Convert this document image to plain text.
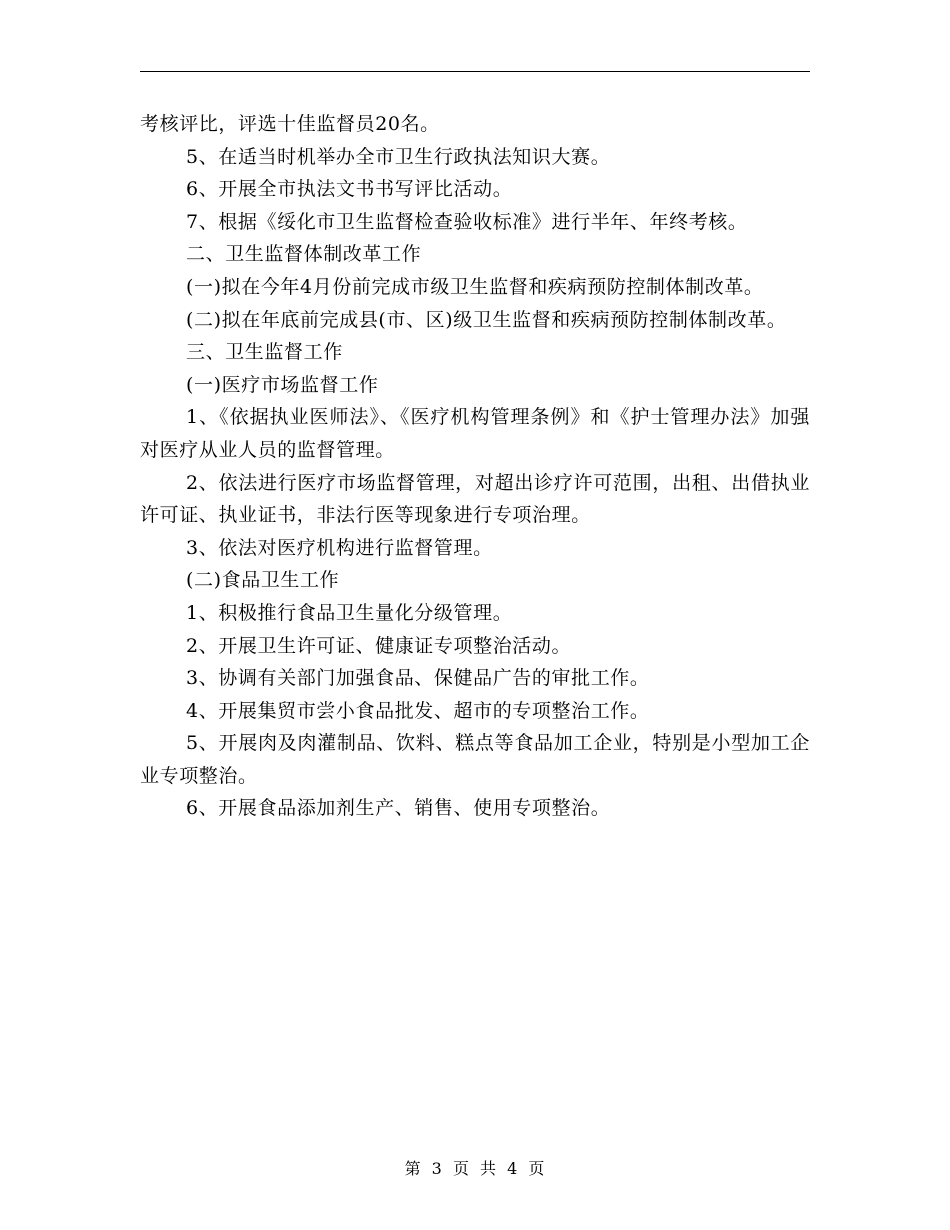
考核评比，评选十佳监督员20名。

5、在适当时机举办全市卫生行政执法知识大赛。

6、开展全市执法文书书写评比活动。

7、根据《绥化市卫生监督检查验收标准》进行半年、年终考核。

二、卫生监督体制改革工作

(一)拟在今年4月份前完成市级卫生监督和疾病预防控制体制改革。

(二)拟在年底前完成县(市、区)级卫生监督和疾病预防控制体制改革。

三、卫生监督工作

(一)医疗市场监督工作

1、《依据执业医师法》、《医疗机构管理条例》和《护士管理办法》加强对医疗从业人员的监督管理。

2、依法进行医疗市场监督管理，对超出诊疗许可范围，出租、出借执业许可证、执业证书，非法行医等现象进行专项治理。

3、依法对医疗机构进行监督管理。

(二)食品卫生工作

1、积极推行食品卫生量化分级管理。

2、开展卫生许可证、健康证专项整治活动。

3、协调有关部门加强食品、保健品广告的审批工作。

4、开展集贸市尝小食品批发、超市的专项整治工作。

5、开展肉及肉灌制品、饮料、糕点等食品加工企业，特别是小型加工企业专项整治。

6、开展食品添加剂生产、销售、使用专项整治。

第 3 页 共 4 页
